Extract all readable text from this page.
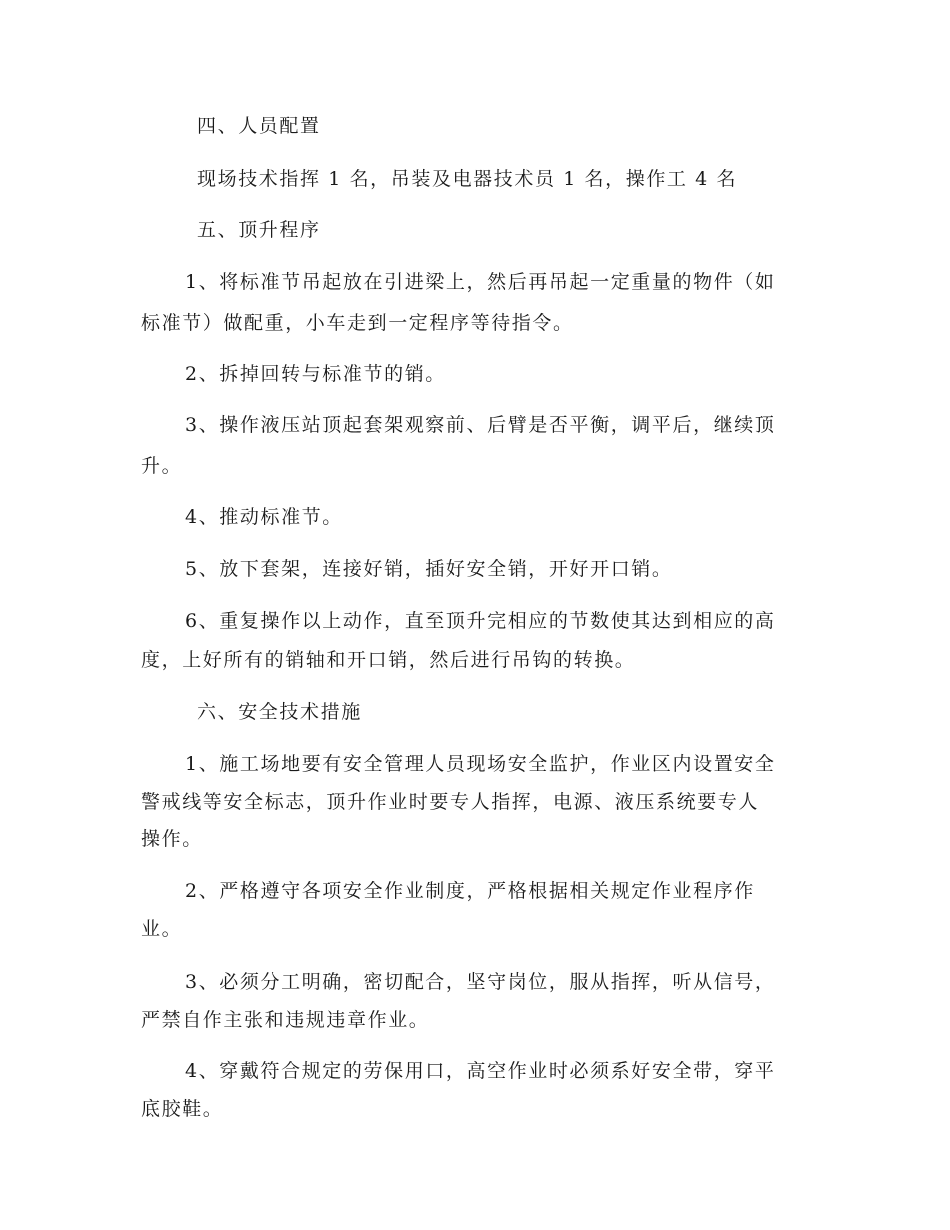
四、人员配置
现场技术指挥 1 名，吊装及电器技术员 1 名，操作工 4 名
五、顶升程序
1、将标准节吊起放在引进梁上，然后再吊起一定重量的物件（如
标准节）做配重，小车走到一定程序等待指令。
2、拆掉回转与标准节的销。
3、操作液压站顶起套架观察前、后臂是否平衡，调平后，继续顶
升。
4、推动标准节。
5、放下套架，连接好销，插好安全销，开好开口销。
6、重复操作以上动作，直至顶升完相应的节数使其达到相应的高
度，上好所有的销轴和开口销，然后进行吊钩的转换。
六、安全技术措施
1、施工场地要有安全管理人员现场安全监护，作业区内设置安全
警戒线等安全标志，顶升作业时要专人指挥，电源、液压系统要专人
操作。
2、严格遵守各项安全作业制度，严格根据相关规定作业程序作
业。
3、必须分工明确，密切配合，坚守岗位，服从指挥，听从信号，
严禁自作主张和违规违章作业。
4、穿戴符合规定的劳保用口，高空作业时必须系好安全带，穿平
底胶鞋。
